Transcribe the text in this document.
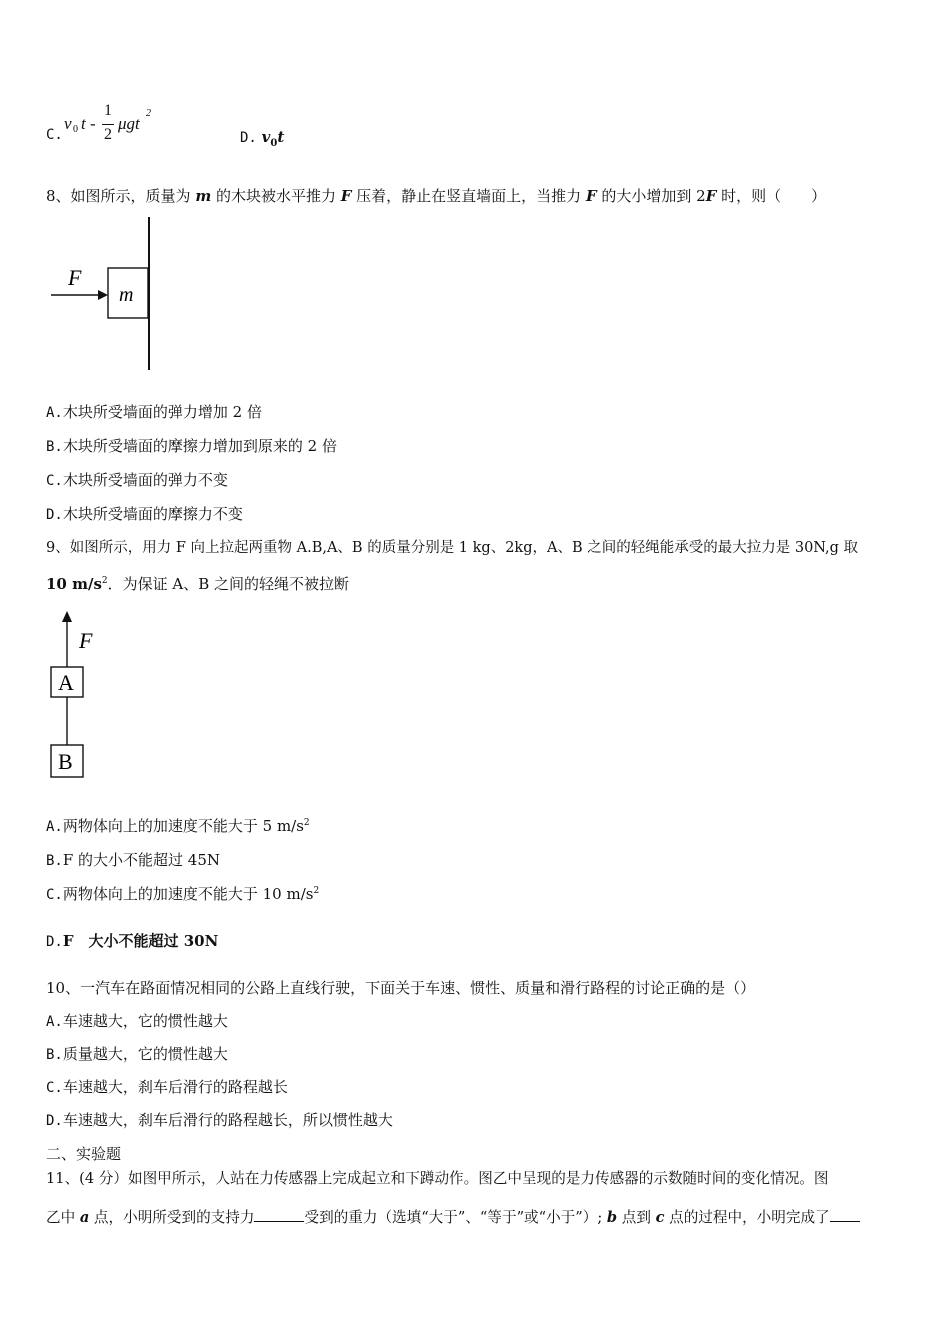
C.
v 0 t -
1
2
μgt
2
D. $v_0t$
8、如图所示，质量为 m 的木块被水平推力 F 压着，静止在竖直墙面上，当推力 F 的大小增加到 2F 时，则（　　）
F
m
A.木块所受墙面的弹力增加 2 倍
B.木块所受墙面的摩擦力增加到原来的 2 倍
C.木块所受墙面的弹力不变
D.木块所受墙面的摩擦力不变
9、如图所示，用力 F 向上拉起两重物 A.B,A、B 的质量分别是 1 kg、2kg，A、B 之间的轻绳能承受的最大拉力是 30N,g 取
10 $m/s^2$．为保证 A、B 之间的轻绳不被拉断
F
A
B
A.两物体向上的加速度不能大于 5 $m/s^2$
B.F 的大小不能超过 45N
C.两物体向上的加速度不能大于 10 $m/s^2$
D.F　大小不能超过 30N
10、一汽车在路面情况相同的公路上直线行驶，下面关于车速、惯性、质量和滑行路程的讨论正确的是（）
A.车速越大，它的惯性越大
B.质量越大，它的惯性越大
C.车速越大，刹车后滑行的路程越长
D.车速越大，刹车后滑行的路程越长，所以惯性越大
二、实验题
11、(4 分）如图甲所示，人站在力传感器上完成起立和下蹲动作。图乙中呈现的是力传感器的示数随时间的变化情况。图
乙中 a 点，小明所受到的支持力	受到的重力（选填“大于”、“等于”或“小于”）; b 点到 c 点的过程中，小明完成了
